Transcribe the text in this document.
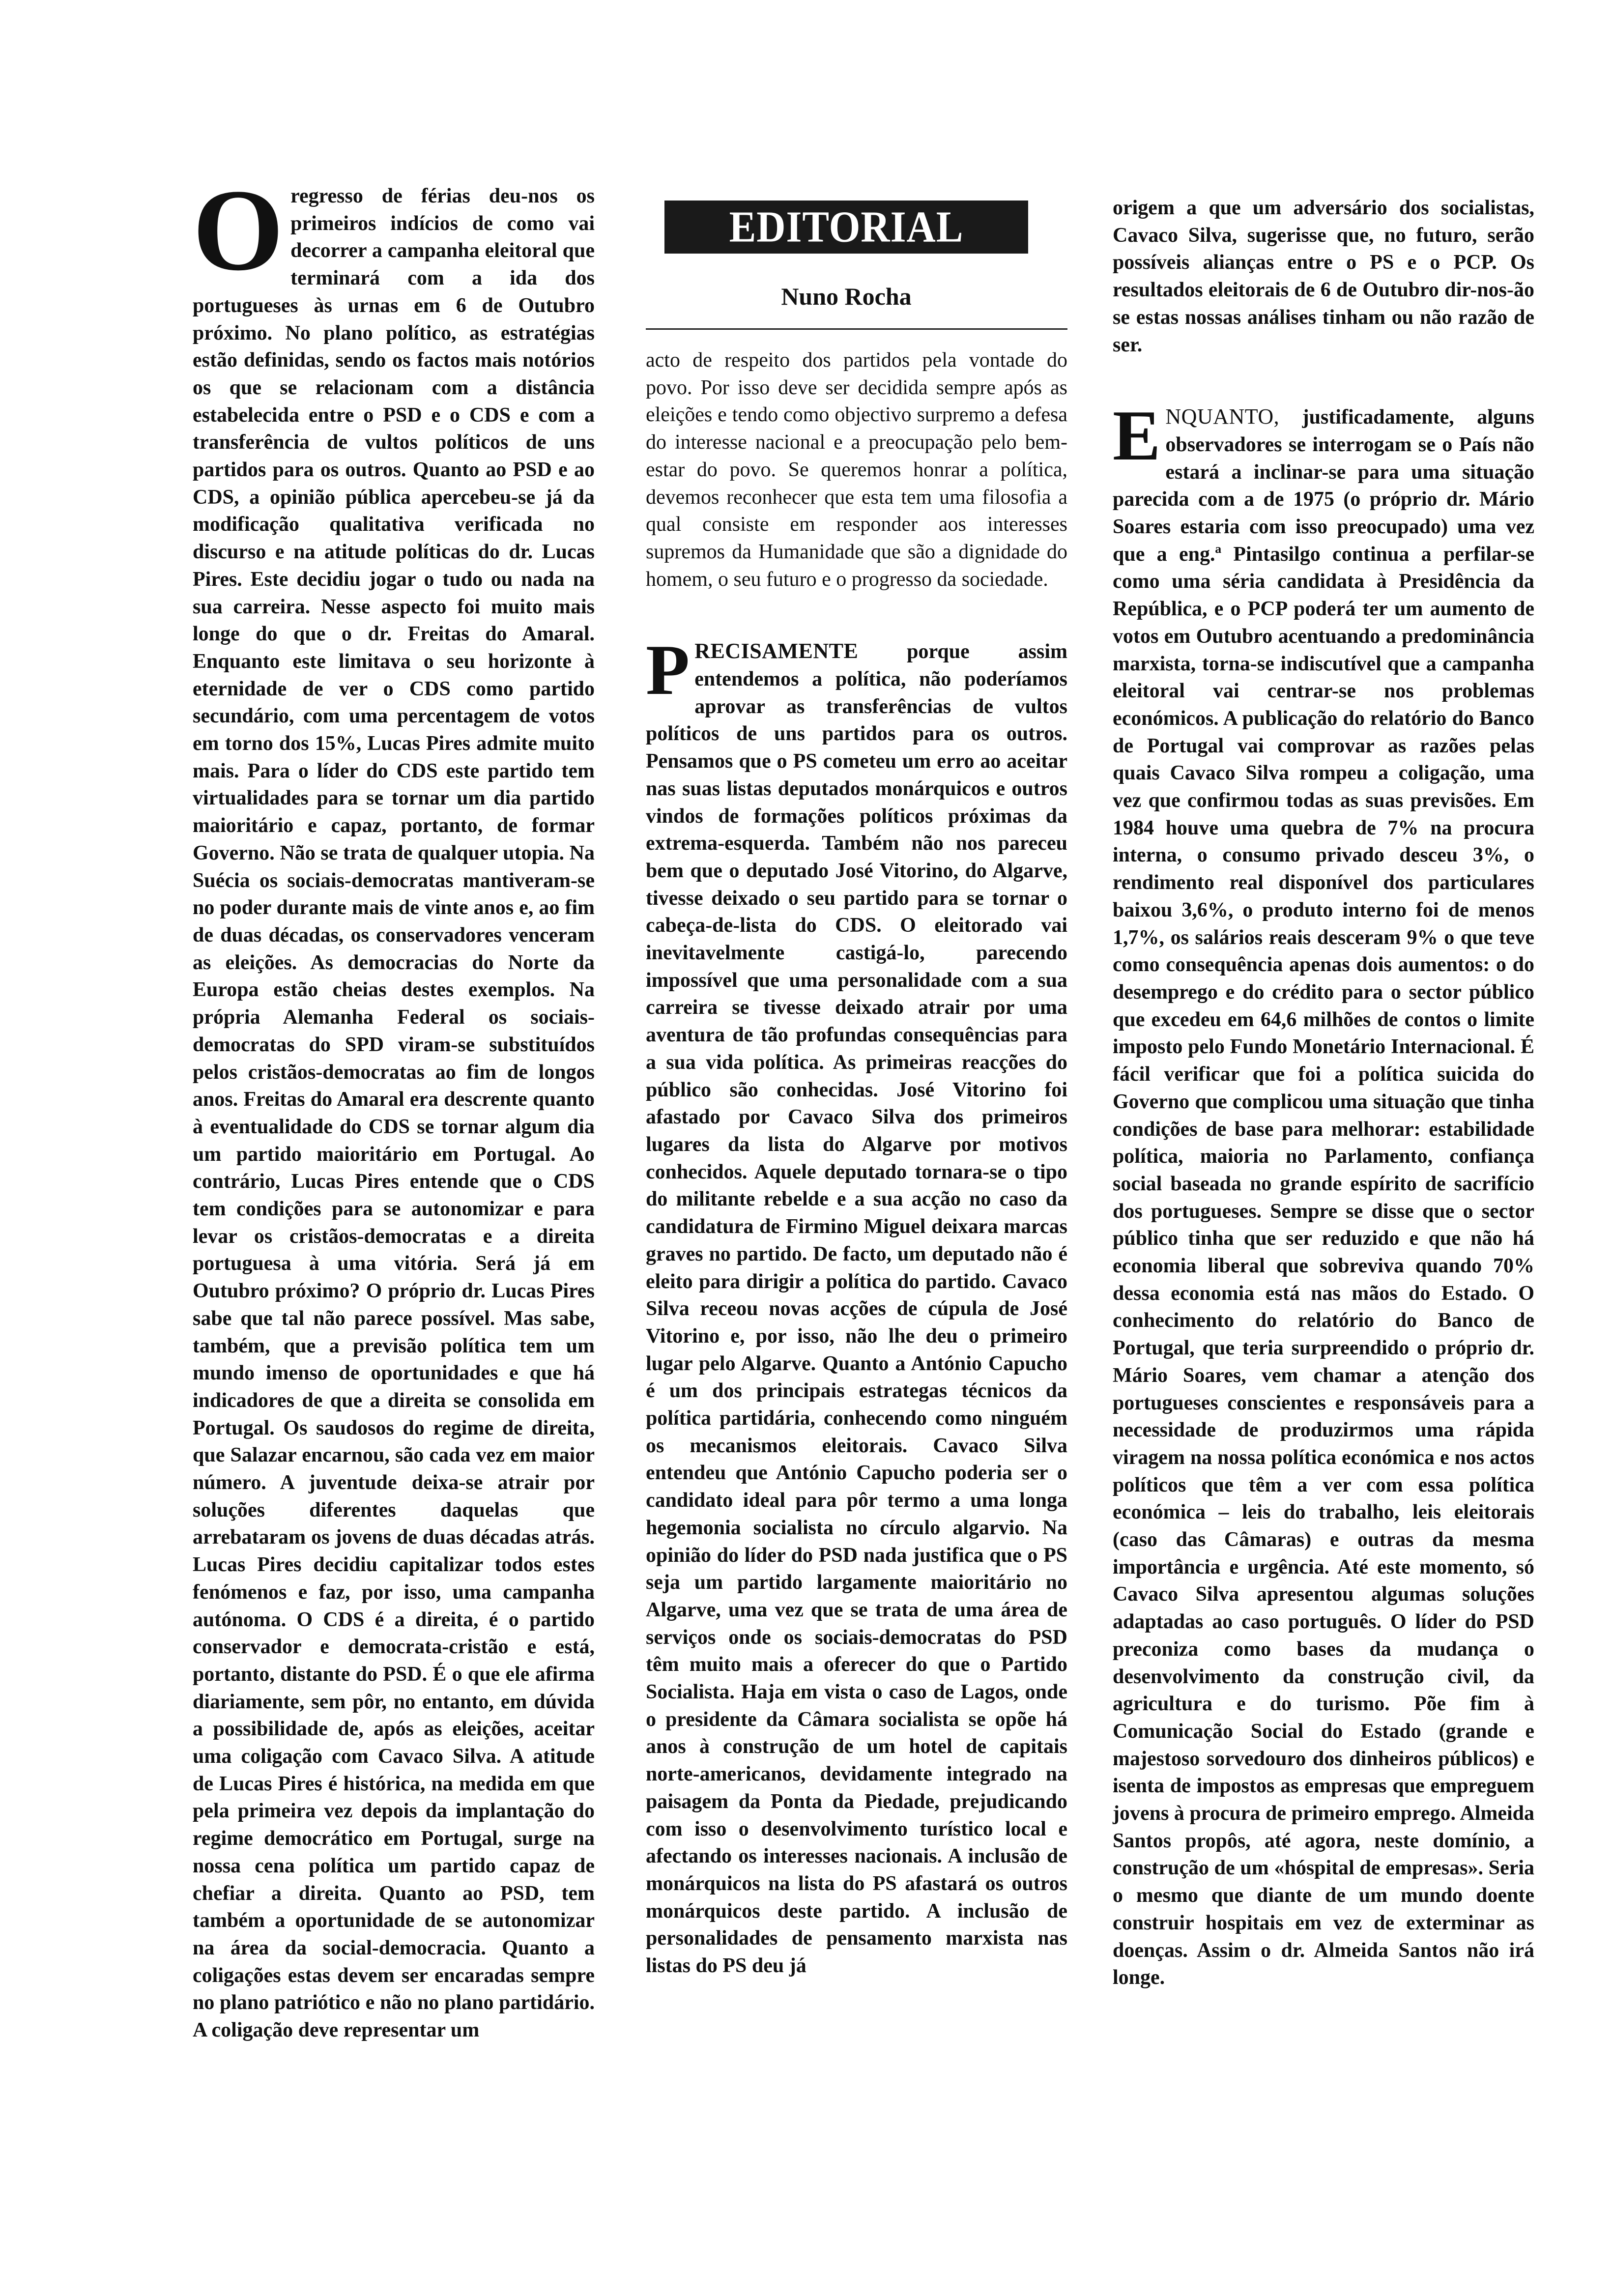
Oregresso de férias deu-nos os primeiros indícios de como vai decorrer a campanha eleitoral que terminará com a ida dos portugueses às urnas em 6 de Outubro próximo. No plano político, as estratégias estão definidas, sendo os factos mais notórios os que se relacionam com a distância estabelecida entre o PSD e o CDS e com a transferência de vultos políticos de uns partidos para os outros. Quanto ao PSD e ao CDS, a opinião pública apercebeu-se já da modificação qualitativa verificada no discurso e na atitude políticas do dr. Lucas Pires. Este decidiu jogar o tudo ou nada na sua carreira. Nesse aspecto foi muito mais longe do que o dr. Freitas do Amaral. Enquanto este limitava o seu horizonte à eternidade de ver o CDS como partido secundário, com uma percentagem de votos em torno dos 15%, Lucas Pires admite muito mais. Para o líder do CDS este partido tem virtualidades para se tornar um dia partido maioritário e capaz, portanto, de formar Governo. Não se trata de qualquer utopia. Na Suécia os sociais-democratas mantiveram-se no poder durante mais de vinte anos e, ao fim de duas décadas, os conservadores venceram as eleições. As democracias do Norte da Europa estão cheias destes exemplos. Na própria Alemanha Federal os sociais-democratas do SPD viram-se substituídos pelos cristãos-democratas ao fim de longos anos. Freitas do Amaral era descrente quanto à eventualidade do CDS se tornar algum dia um partido maioritário em Portugal. Ao contrário, Lucas Pires entende que o CDS tem condições para se autonomizar e para levar os cristãos-democratas e a direita portuguesa à uma vitória. Será já em Outubro próximo? O próprio dr. Lucas Pires sabe que tal não parece possível. Mas sabe, também, que a previsão política tem um mundo imenso de oportunidades e que há indicadores de que a direita se consolida em Portugal. Os saudosos do regime de direita, que Salazar encarnou, são cada vez em maior número. A juventude deixa-se atrair por soluções diferentes daquelas que arrebataram os jovens de duas décadas atrás. Lucas Pires decidiu capitalizar todos estes fenómenos e faz, por isso, uma campanha autónoma. O CDS é a direita, é o partido conservador e democrata-cristão e está, portanto, distante do PSD. É o que ele afirma diariamente, sem pôr, no entanto, em dúvida a possibilidade de, após as eleições, aceitar uma coligação com Cavaco Silva. A atitude de Lucas Pires é histórica, na medida em que pela primeira vez depois da implantação do regime democrático em Portugal, surge na nossa cena política um partido capaz de chefiar a direita. Quanto ao PSD, tem também a oportunidade de se autonomizar na área da social-democracia. Quanto a coligações estas devem ser encaradas sempre no plano patriótico e não no plano partidário. A coligação deve representar um

EDITORIAL
Nuno Rocha

acto de respeito dos partidos pela vontade do povo. Por isso deve ser decidida sempre após as eleições e tendo como objectivo surpremo a defesa do interesse nacional e a preocupação pelo bem-estar do povo. Se queremos honrar a política, devemos reconhecer que esta tem uma filosofia a qual consiste em responder aos interesses supremos da Humanidade que são a dignidade do homem, o seu futuro e o progresso da sociedade.

PRECISAMENTE porque assim entendemos a política, não poderíamos aprovar as transferências de vultos políticos de uns partidos para os outros. Pensamos que o PS cometeu um erro ao aceitar nas suas listas deputados monárquicos e outros vindos de formações políticos próximas da extrema-esquerda. Também não nos pareceu bem que o deputado José Vitorino, do Algarve, tivesse deixado o seu partido para se tornar o cabeça-de-lista do CDS. O eleitorado vai inevitavelmente castigá-lo, parecendo impossível que uma personalidade com a sua carreira se tivesse deixado atrair por uma aventura de tão profundas consequências para a sua vida política. As primeiras reacções do público são conhecidas. José Vitorino foi afastado por Cavaco Silva dos primeiros lugares da lista do Algarve por motivos conhecidos. Aquele deputado tornara-se o tipo do militante rebelde e a sua acção no caso da candidatura de Firmino Miguel deixara marcas graves no partido. De facto, um deputado não é eleito para dirigir a política do partido. Cavaco Silva receou novas acções de cúpula de José Vitorino e, por isso, não lhe deu o primeiro lugar pelo Algarve. Quanto a António Capucho é um dos principais estrategas técnicos da política partidária, conhecendo como ninguém os mecanismos eleitorais. Cavaco Silva entendeu que António Capucho poderia ser o candidato ideal para pôr termo a uma longa hegemonia socialista no círculo algarvio. Na opinião do líder do PSD nada justifica que o PS seja um partido largamente maioritário no Algarve, uma vez que se trata de uma área de serviços onde os sociais-democratas do PSD têm muito mais a oferecer do que o Partido Socialista. Haja em vista o caso de Lagos, onde o presidente da Câmara socialista se opõe há anos à construção de um hotel de capitais norte-americanos, devidamente integrado na paisagem da Ponta da Piedade, prejudicando com isso o desenvolvimento turístico local e afectando os interesses nacionais. A inclusão de monárquicos na lista do PS afastará os outros monárquicos deste partido. A inclusão de personalidades de pensamento marxista nas listas do PS deu já

origem a que um adversário dos socialistas, Cavaco Silva, sugerisse que, no futuro, serão possíveis alianças entre o PS e o PCP. Os resultados eleitorais de 6 de Outubro dir-nos-ão se estas nossas análises tinham ou não razão de ser.

ENQUANTO, justificadamente, alguns observadores se interrogam se o País não estará a inclinar-se para uma situação parecida com a de 1975 (o próprio dr. Mário Soares estaria com isso preocupado) uma vez que a eng.ª Pintasilgo continua a perfilar-se como uma séria candidata à Presidência da República, e o PCP poderá ter um aumento de votos em Outubro acentuando a predominância marxista, torna-se indiscutível que a campanha eleitoral vai centrar-se nos problemas económicos. A publicação do relatório do Banco de Portugal vai comprovar as razões pelas quais Cavaco Silva rompeu a coligação, uma vez que confirmou todas as suas previsões. Em 1984 houve uma quebra de 7% na procura interna, o consumo privado desceu 3%, o rendimento real disponível dos particulares baixou 3,6%, o produto interno foi de menos 1,7%, os salários reais desceram 9% o que teve como consequência apenas dois aumentos: o do desemprego e do crédito para o sector público que excedeu em 64,6 milhões de contos o limite imposto pelo Fundo Monetário Internacional. É fácil verificar que foi a política suicida do Governo que complicou uma situação que tinha condições de base para melhorar: estabilidade política, maioria no Parlamento, confiança social baseada no grande espírito de sacrifício dos portugueses. Sempre se disse que o sector público tinha que ser reduzido e que não há economia liberal que sobreviva quando 70% dessa economia está nas mãos do Estado. O conhecimento do relatório do Banco de Portugal, que teria surpreendido o próprio dr. Mário Soares, vem chamar a atenção dos portugueses conscientes e responsáveis para a necessidade de produzirmos uma rápida viragem na nossa política económica e nos actos políticos que têm a ver com essa política económica – leis do trabalho, leis eleitorais (caso das Câmaras) e outras da mesma importância e urgência. Até este momento, só Cavaco Silva apresentou algumas soluções adaptadas ao caso português. O líder do PSD preconiza como bases da mudança o desenvolvimento da construção civil, da agricultura e do turismo. Põe fim à Comunicação Social do Estado (grande e majestoso sorvedouro dos dinheiros públicos) e isenta de impostos as empresas que empreguem jovens à procura de primeiro emprego. Almeida Santos propôs, até agora, neste domínio, a construção de um «hóspital de empresas». Seria o mesmo que diante de um mundo doente construir hospitais em vez de exterminar as doenças. Assim o dr. Almeida Santos não irá longe.
